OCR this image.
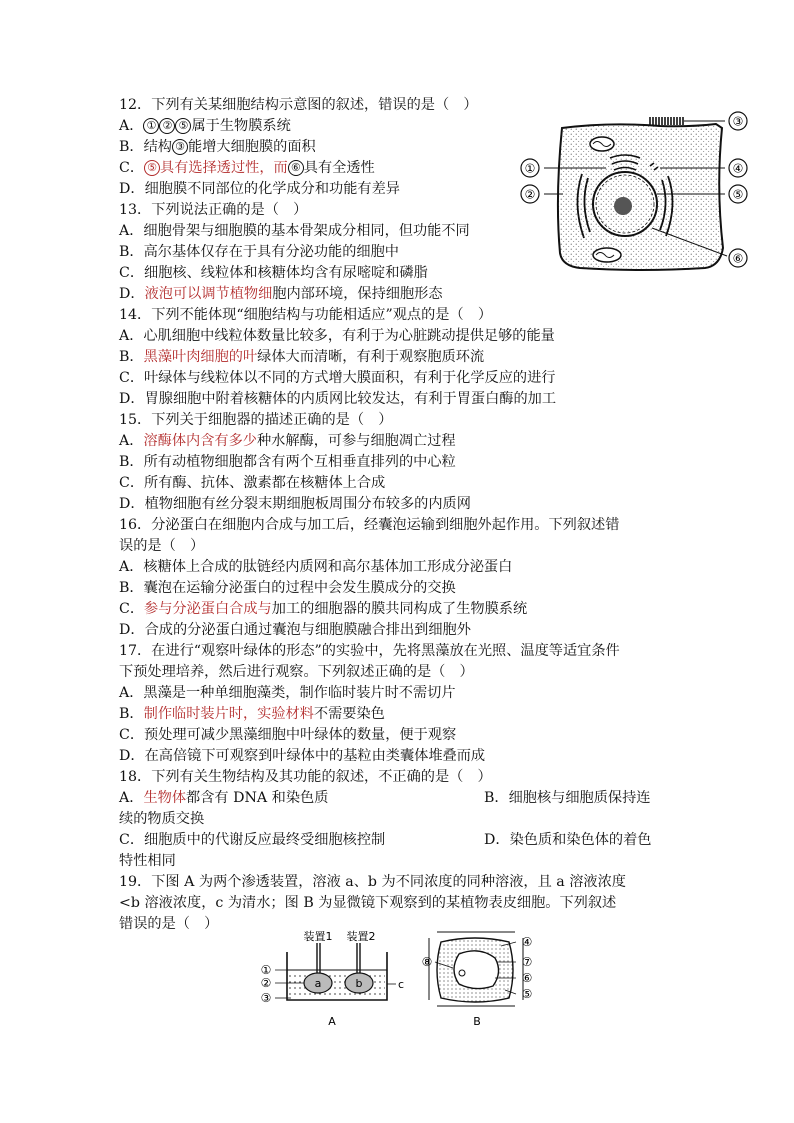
12．下列有关某细胞结构示意图的叙述，错误的是（　）
A． ① ② ⑤ 属于生物膜系统
B．结构 ③ 能增大细胞膜的面积
C． ⑤ 具有选择透过性，而 ⑥ 具有全透性
D．细胞膜不同部位的化学成分和功能有差异
13．下列说法正确的是（　）
A．细胞骨架与细胞膜的基本骨架成分相同，但功能不同
B．高尔基体仅存在于具有分泌功能的细胞中
C．细胞核、线粒体和核糖体均含有尿嘧啶和磷脂
D．液泡可以调节植物细胞内部环境，保持细胞形态
14．下列不能体现“细胞结构与功能相适应”观点的是（　）
A．心肌细胞中线粒体数量比较多，有利于为心脏跳动提供足够的能量
B．黑藻叶肉细胞的叶绿体大而清晰，有利于观察胞质环流
C．叶绿体与线粒体以不同的方式增大膜面积，有利于化学反应的进行
D．胃腺细胞中附着核糖体的内质网比较发达，有利于胃蛋白酶的加工
15．下列关于细胞器的描述正确的是（　）
A．溶酶体内含有多少种水解酶，可参与细胞凋亡过程
B．所有动植物细胞都含有两个互相垂直排列的中心粒
C．所有酶、抗体、激素都在核糖体上合成
D．植物细胞有丝分裂末期细胞板周围分布较多的内质网
16．分泌蛋白在细胞内合成与加工后，经囊泡运输到细胞外起作用。下列叙述错
误的是（　）
A．核糖体上合成的肽链经内质网和高尔基体加工形成分泌蛋白
B．囊泡在运输分泌蛋白的过程中会发生膜成分的交换
C．参与分泌蛋白合成与加工的细胞器的膜共同构成了生物膜系统
D．合成的分泌蛋白通过囊泡与细胞膜融合排出到细胞外
17．在进行“观察叶绿体的形态”的实验中，先将黑藻放在光照、温度等适宜条件
下预处理培养，然后进行观察。下列叙述正确的是（　）
A．黑藻是一种单细胞藻类，制作临时装片时不需切片
B．制作临时装片时，实验材料不需要染色
C．预处理可减少黑藻细胞中叶绿体的数量，便于观察
D．在高倍镜下可观察到叶绿体中的基粒由类囊体堆叠而成
18．下列有关生物结构及其功能的叙述，不正确的是（　）
A．生物体都含有 DNA 和染色质	B．细胞核与细胞质保持连
续的物质交换
C．细胞质中的代谢反应最终受细胞核控制	D．染色质和染色体的着色
特性相同
19．下图 A 为两个渗透装置，溶液 a、b 为不同浓度的同种溶液，且 a 溶液浓度
<b 溶液浓度，c 为清水；图 B 为显微镜下观察到的某植物表皮细胞。下列叙述
错误的是（　）
①
②
③
④
⑤
⑥
装置1 装置2
a	b	c
①
②
③
A
④
⑦
⑥
⑤
⑧
B
